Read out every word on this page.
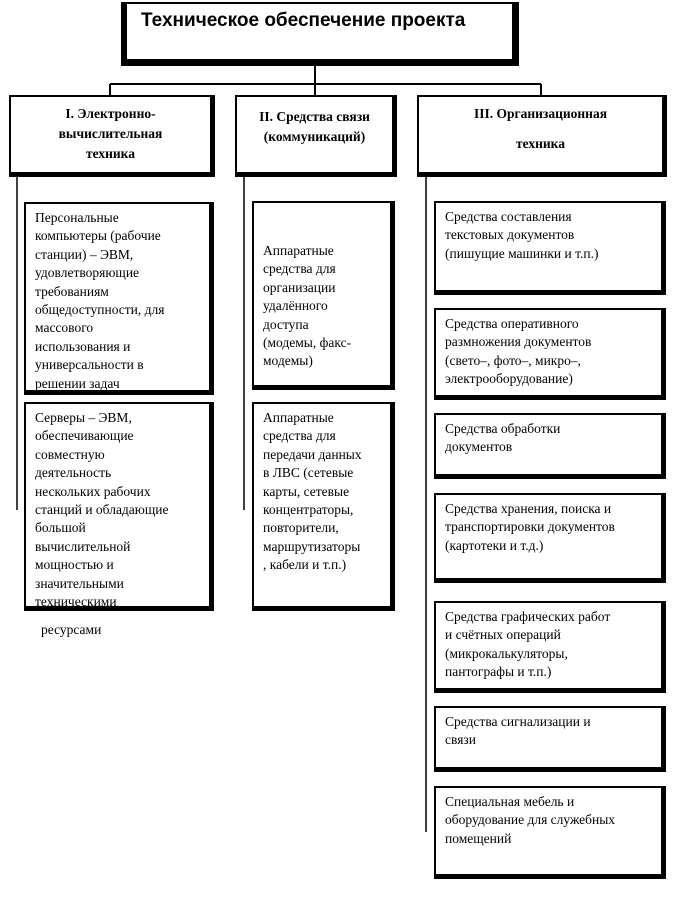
Техническое обеспечение проекта
I. Электронно-
вычислительная
техника
II. Средства связи
(коммуникаций)
III. Организационная
техника
Персональные
компьютеры (рабочие
станции) – ЭВМ,
удовлетворяющие
требованиям
общедоступности, для
массового
использования и
универсальности в
решении задач
Серверы – ЭВМ,
обеспечивающие
совместную
деятельность
нескольких рабочих
станций и обладающие
большой
вычислительной
мощностью и
значительными
техническими
ресурсами
Аппаратные
средства для
организации
удалённого
доступа
(модемы, факс-
модемы)
Аппаратные
средства для
передачи данных
в ЛВС (сетевые
карты, сетевые
концентраторы,
повторители,
маршрутизаторы
, кабели и т.п.)
Средства составления
текстовых документов
(пишущие машинки и т.п.)
Средства оперативного
размножения документов
(свето–, фото–, микро–,
электрооборудование)
Средства обработки
документов
Средства хранения, поиска и
транспортировки документов
(картотеки и т.д.)
Средства графических работ
и счётных операций
(микрокалькуляторы,
пантографы и т.п.)
Средства сигнализации и
связи
Специальная мебель и
оборудование для служебных
помещений
